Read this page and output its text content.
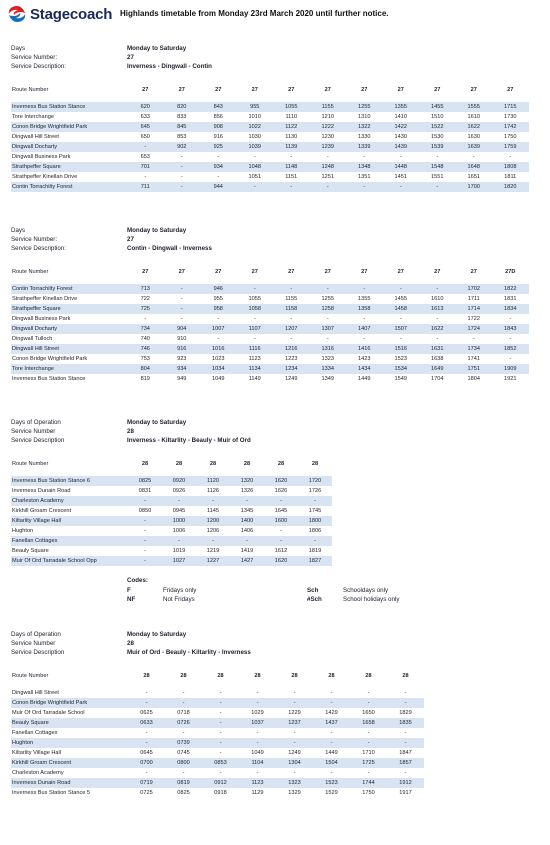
Stagecoach Highlands timetable from Monday 23rd March 2020 until further notice.
Days	Monday to Saturday
Service Number:	27
Service Description:	Inverness - Dingwall - Contin
Route Number	27	27	27	27	27	27	27	27	27	27	27
Inverness Bus Station Stance	620	820	843	955	1055	1155	1255	1355	1455	1555	1715
Tore Interchange	633	833	856	1010	1110	1210	1310	1410	1510	1610	1730
Conon Bridge Wrightfield Park	645	845	908	1022	1122	1222	1322	1422	1522	1622	1742
Dingwall Hill Street	650	853	916	1030	1130	1230	1330	1430	1530	1630	1750
Dingwall Docharty	-	902	925	1039	1139	1239	1339	1439	1539	1639	1759
Dingwall Business Park	653	-	-	-	-	-	-	-	-	-	-
Strathpeffer Square	701	-	934	1048	1148	1248	1348	1448	1548	1648	1808
Strathpeffer Kinellan Drive	-	-	-	1051	1151	1251	1351	1451	1551	1651	1811
Contin Torrachilty Forest	711	-	944	-	-	-	-	-	-	1700	1820
Days	Monday to Saturday
Service Number:	27
Service Description:	Contin - Dingwall - Inverness
Route Number	27	27	27	27	27	27	27	27	27	27	27D
Contin Torrachilty Forest	713	-	946	-	-	-	-	-	-	1702	1822
Strathpeffer Kinellan Drive	722	-	955	1055	1155	1255	1355	1455	1610	1711	1831
Strathpeffer Square	725	-	958	1058	1158	1258	1358	1458	1613	1714	1834
Dingwall Business Park	-	-	-	-	-	-	-	-	-	1722	-
Dingwall Docharty	734	904	1007	1107	1207	1307	1407	1507	1622	1724	1843
Dingwall Tulloch	740	910	-	-	-	-	-	-	-	-	-
Dingwall Hill Street	746	916	1016	1116	1216	1316	1416	1516	1631	1734	1852
Conon Bridge Wrightfield Park	753	923	1023	1123	1223	1323	1423	1523	1638	1741	-
Tore Interchange	804	934	1034	1134	1234	1334	1434	1534	1649	1751	1909
Inverness Bus Station Stance	819	949	1049	1149	1249	1349	1449	1549	1704	1804	1921
Days of Operation	Monday to Saturday
Service Number	28
Service Description	Inverness - Kiltarlity - Beauly - Muir of Ord
Route Number	28	28	28	28	28	28
Inverness Bus Station Stance 6	0825	0920	1120	1320	1620	1720
Inverness Dunain Road	0831	0926	1126	1326	1626	1726
Charleston Academy	-	-	-	-	-	-
Kirkhill Groam Crescent	0850	0945	1145	1345	1645	1745
Kiltarlity Village Hall	-	1000	1200	1400	1600	1800
Hughton	-	1006	1206	1406	-	1806
Fanellan Cottages	-	-	-	-	-	-
Beauly Square	-	1019	1219	1419	1612	1819
Muir Of Ord Tarradale School Opp	-	1027	1227	1427	1620	1827
Days of Operation	Monday to Saturday
Service Number	28
Service Description	Muir of Ord - Beauly - Kiltarlity - Inverness
Route Number	28	28	28	28	28	28	28	28
Dingwall Hill Street	-	-	-	-	-	-	-	-
Conon Bridge Wrightfield Park	-	-	-	-	-	-	-	-
Muir Of Ord Tarradale School	0625	0718	-	1029	1229	1429	1650	1829
Beauly Square	0633	0726	-	1037	1237	1437	1658	1835
Fanellan Cottages	-	-	-	-	-	-	-	-
Hughton	-	0739	-	-	-	-	-	-
Kiltarlity Village Hall	0645	0745	-	1049	1249	1449	1710	1847
Kirkhill Groam Crescent	0700	0800	0853	1104	1304	1504	1725	1857
Charleston Academy	-	-	-	-	-	-	-	-
Inverness Dunain Road	0719	0819	0912	1123	1323	1523	1744	1912
Inverness Bus Station Stance 5	0725	0825	0918	1129	1329	1529	1750	1917
Codes:
F	Fridays only
NF	Not Fridays
Sch	Schooldays only
#Sch	School holidays only
